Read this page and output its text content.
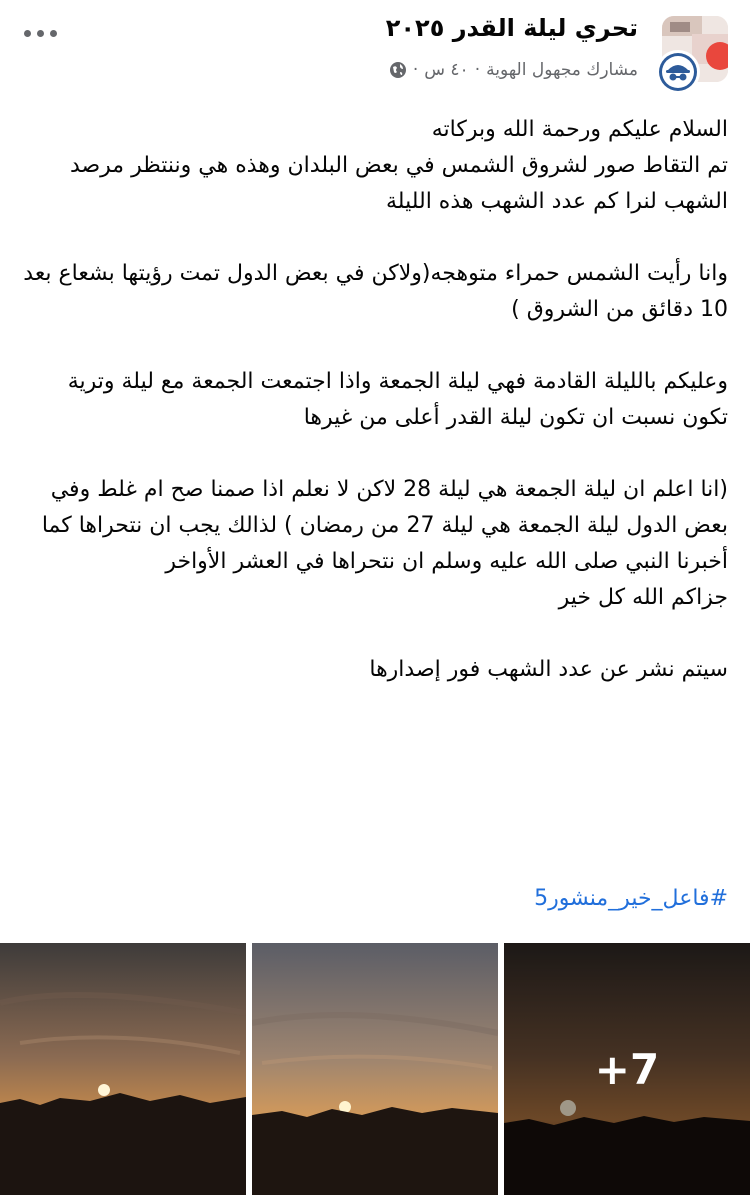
تحري ليلة القدر ٢٠٢٥
مشارك مجهول الهوية
·
٤٠ س
·

السلام عليكم ورحمة الله وبركاته

تم التقاط صور لشروق الشمس في بعض البلدان وهذه هي وننتظر مرصد الشهب لنرا كم عدد الشهب هذه الليلة

وانا رأيت الشمس حمراء متوهجه(ولاكن في بعض الدول تمت رؤيتها بشعاع بعد 10 دقائق من الشروق )

وعليكم بالليلة القادمة فهي ليلة الجمعة واذا اجتمعت الجمعة مع ليلة وترية تكون نسبت ان تكون ليلة القدر أعلى من غيرها

(انا اعلم ان ليلة الجمعة هي ليلة 28 لاكن لا نعلم اذا صمنا صح ام غلط وفي بعض الدول ليلة الجمعة هي ليلة 27 من رمضان ) لذالك يجب ان نتحراها كما أخبرنا النبي صلى الله عليه وسلم ان نتحراها في العشر الأواخر

جزاكم الله كل خير

سيتم نشر عن عدد الشهب فور إصدارها

#فاعل_خير_منشور5
+7
